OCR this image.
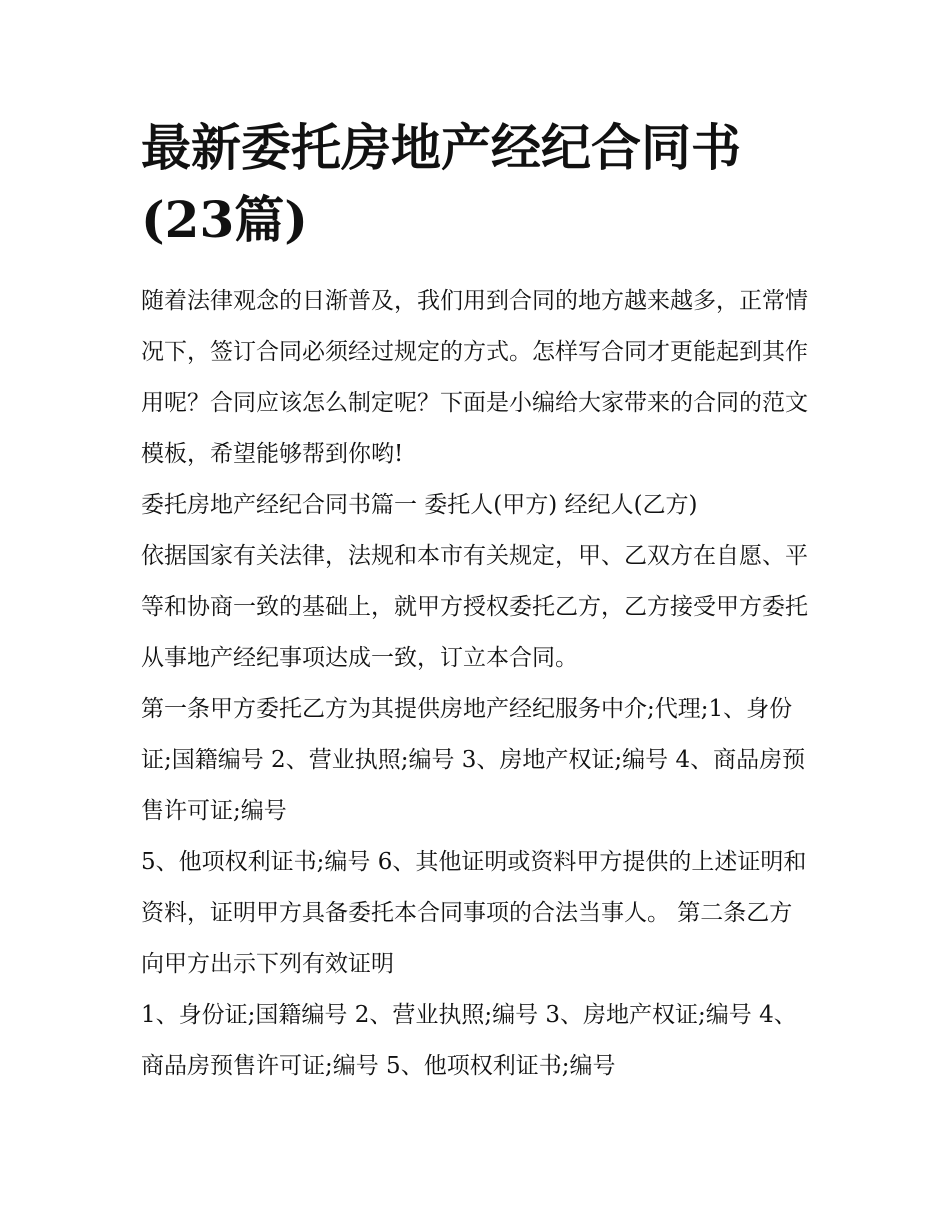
最新委托房地产经纪合同书(23篇)

随着法律观念的日渐普及，我们用到合同的地方越来越多，正常情况下，签订合同必须经过规定的方式。怎样写合同才更能起到其作用呢？合同应该怎么制定呢？下面是小编给大家带来的合同的范文模板，希望能够帮到你哟!

委托房地产经纪合同书篇一 委托人(甲方) 经纪人(乙方)

依据国家有关法律，法规和本市有关规定，甲、乙双方在自愿、平等和协商一致的基础上，就甲方授权委托乙方，乙方接受甲方委托从事地产经纪事项达成一致，订立本合同。

第一条甲方委托乙方为其提供房地产经纪服务中介;代理;1、身份证;国籍编号 2、营业执照;编号 3、房地产权证;编号 4、商品房预售许可证;编号

5、他项权利证书;编号 6、其他证明或资料甲方提供的上述证明和资料，证明甲方具备委托本合同事项的合法当事人。 第二条乙方向甲方出示下列有效证明

1、身份证;国籍编号 2、营业执照;编号 3、房地产权证;编号 4、商品房预售许可证;编号 5、他项权利证书;编号
